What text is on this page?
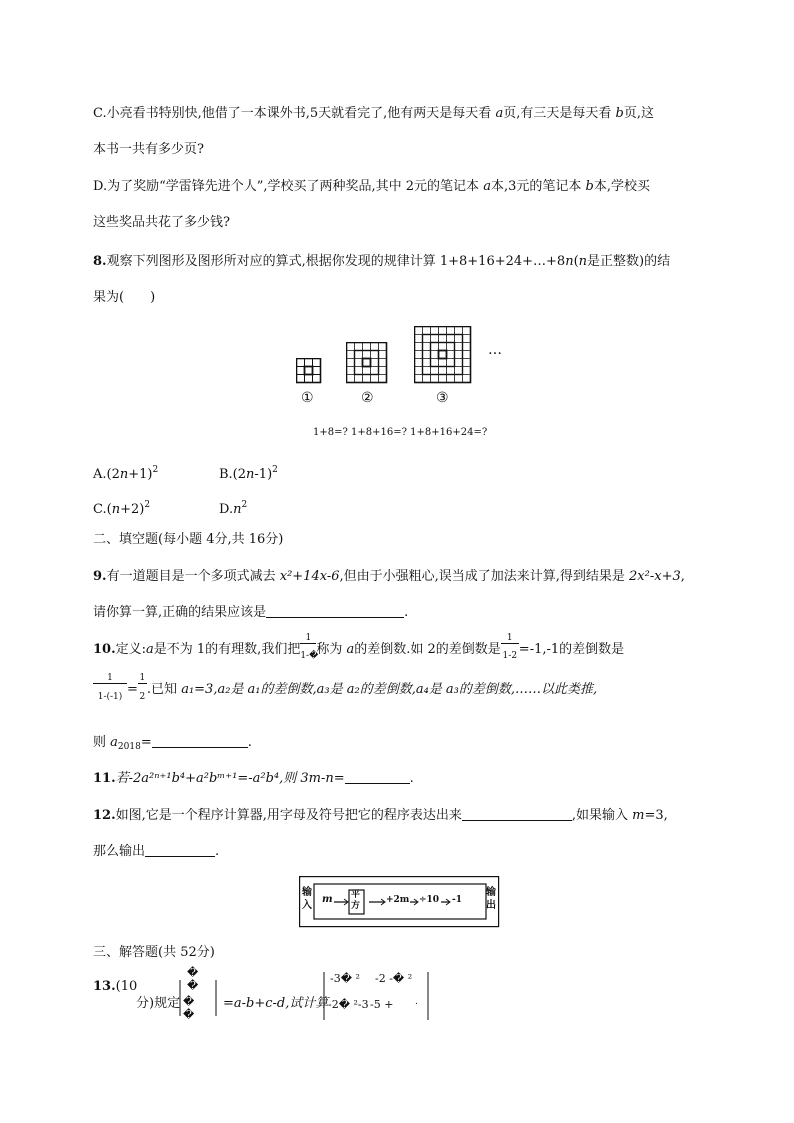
C.小亮看书特别快,他借了一本课外书,5天就看完了,他有两天是每天看 a页,有三天是每天看 b页,这
本书一共有多少页?
D.为了奖励“学雷锋先进个人”,学校买了两种奖品,其中 2元的笔记本 a本,3元的笔记本 b本,学校买
这些奖品共花了多少钱?
8.观察下列图形及图形所对应的算式,根据你发现的规律计算 1+8+16+24+…+8n(n是正整数)的结
果为(　　)
…
①	②	③
1+8=? 1+8+16=? 1+8+16+24=?
$A.(2n+1)^2$	$B.(2n-1)^2$
$C.(n+2)^2$	$D.n^2$
二、填空题(每小题 4分,共 16分)
9.有一道题目是一个多项式减去 x²+14x-6,但由于小强粗心,误当成了加法来计算,得到结果是 2x²-x+3,
请你算一算,正确的结果应该是	.
10.定义:a是不为 1的有理数,我们把 $\frac{1}{1-�}$ 称为 a的差倒数.如 2的差倒数是 $\frac{1}{1-2} =-1,-1$的差倒数是
$\frac{1}{1-(-1)} = \frac{1}{2}$ .已知 a₁=3,a₂是 a₁的差倒数,a₃是 a₂的差倒数,a₄是 a₃的差倒数,……以此类推,
则 $a_{2018}=$	.
11.若-2a²ⁿ⁺¹b⁴+a²bᵐ⁺¹=-a²b⁴,则 3m-n=	.
12.如图,它是一个程序计算器,用字母及符号把它的程序表达出来	,如果输入 m=3,
那么输出	.
输入
m 平方
+2m ÷10 -1
输出
三、解答题(共 52分)
13.(10
分)规定
� �
� �
=a-b+c-d,试计算
-3� ² -2 -� ²
-2� ²-3 -5 + .
